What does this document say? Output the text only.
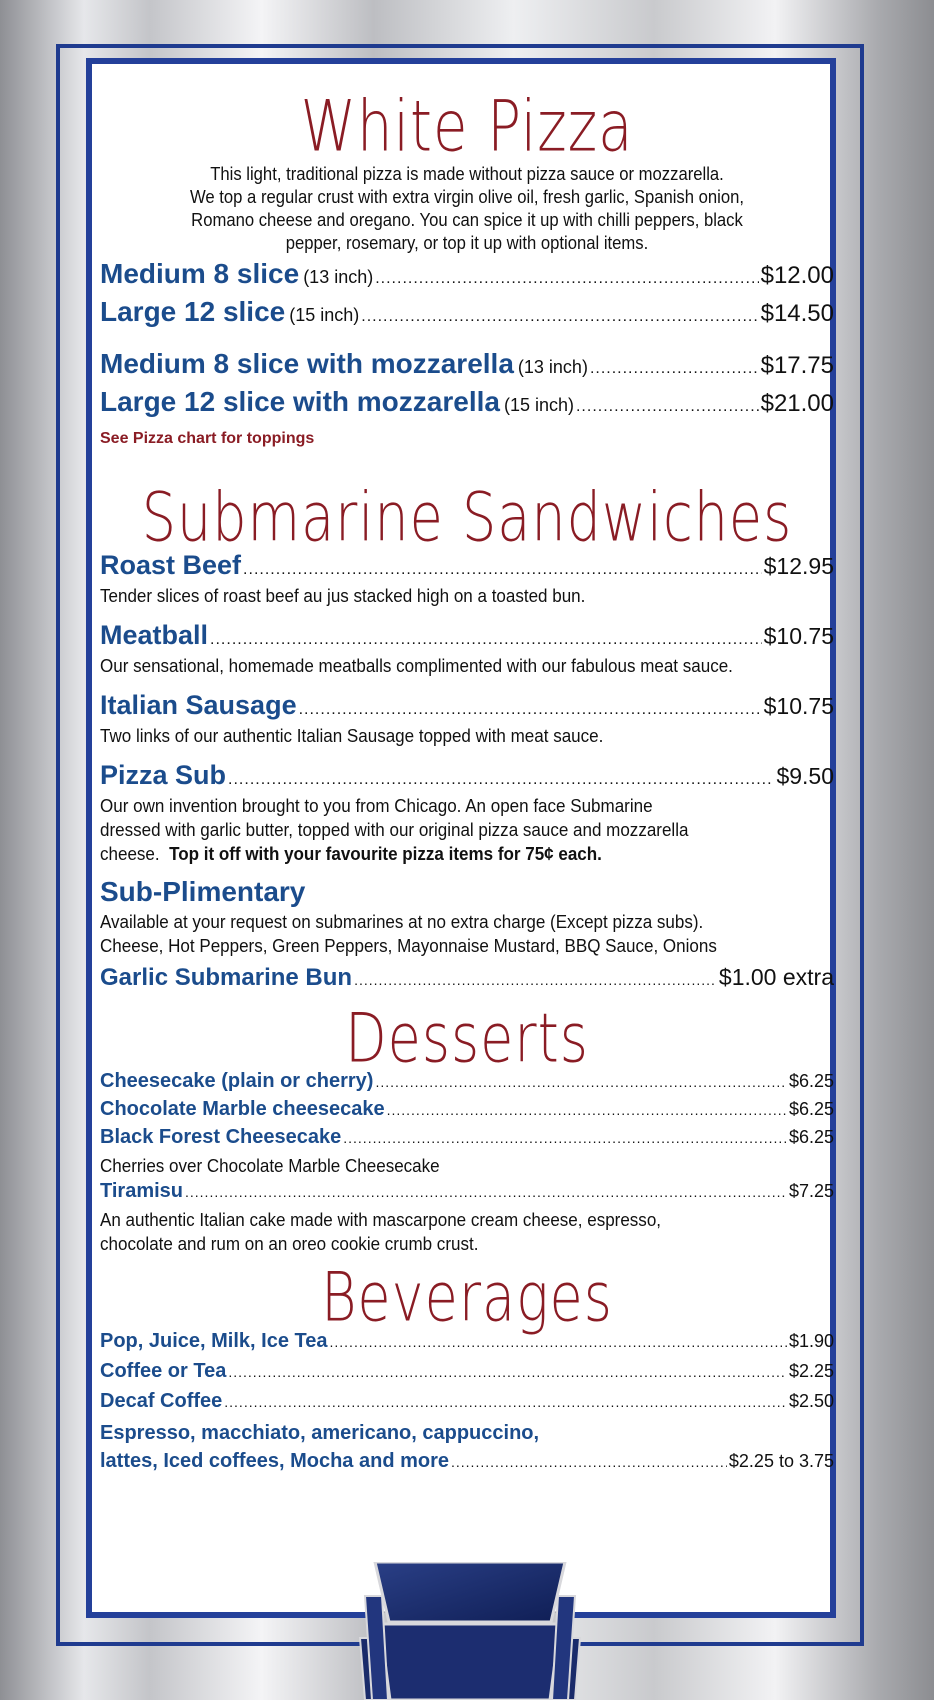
White Pizza
This light, traditional pizza is made without pizza sauce or mozzarella.
We top a regular crust with extra virgin olive oil, fresh garlic, Spanish onion,
Romano cheese and oregano. You can spice it up with chilli peppers, black
pepper, rosemary, or top it up with optional items.
Medium 8 slice (13 inch) .....	$12.00
Large 12 slice (15 inch) .....	$14.50
Medium 8 slice with mozzarella (13 inch) .....	$17.75
Large 12 slice with mozzarella (15 inch) .....	$21.00
See Pizza chart for toppings
Submarine Sandwiches
Roast Beef .....	$12.95
Tender slices of roast beef au jus stacked high on a toasted bun.
Meatball .....	$10.75
Our sensational, homemade meatballs complimented with our fabulous meat sauce.
Italian Sausage .....	$10.75
Two links of our authentic Italian Sausage topped with meat sauce.
Pizza Sub .....	$9.50
Our own invention brought to you from Chicago. An open face Submarine
dressed with garlic butter, topped with our original pizza sauce and mozzarella
cheese. Top it off with your favourite pizza items for 75¢ each.
Sub-Plimentary
Available at your request on submarines at no extra charge (Except pizza subs).
Cheese, Hot Peppers, Green Peppers, Mayonnaise Mustard, BBQ Sauce, Onions
Garlic Submarine Bun .....	$1.00 extra
Desserts
Cheesecake (plain or cherry) .....	$6.25
Chocolate Marble cheesecake .....	$6.25
Black Forest Cheesecake .....	$6.25
Cherries over Chocolate Marble Cheesecake
Tiramisu .....	$7.25
An authentic Italian cake made with mascarpone cream cheese, espresso,
chocolate and rum on an oreo cookie crumb crust.
Beverages
Pop, Juice, Milk, Ice Tea .....	$1.90
Coffee or Tea .....	$2.25
Decaf Coffee .....	$2.50
Espresso, macchiato, americano, cappuccino,
lattes, Iced coffees, Mocha and more .....	$2.25 to 3.75
